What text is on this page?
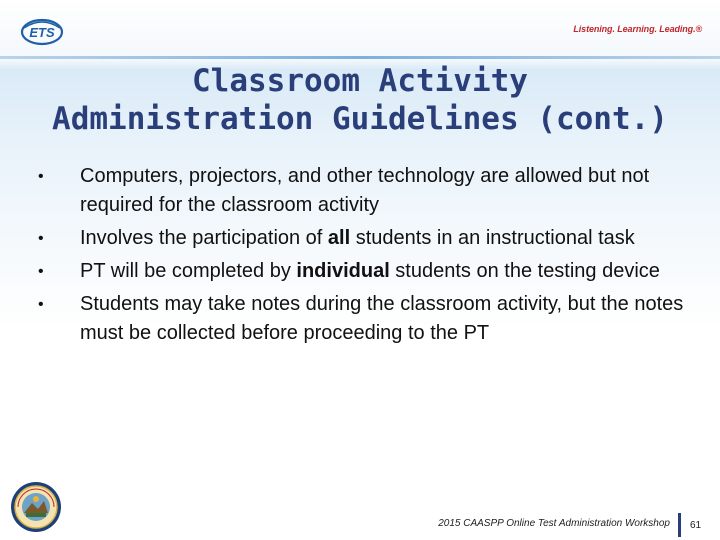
ETS	Listening. Learning. Leading.®
Classroom Activity
Administration Guidelines (cont.)
•	Computers, projectors, and other technology are allowed but not required for the classroom activity
•	Involves the participation of all students in an instructional task
•	PT will be completed by individual students on the testing device
•	Students may take notes during the classroom activity, but the notes must be collected before proceeding to the PT
2015 CAASPP Online Test Administration Workshop 61
